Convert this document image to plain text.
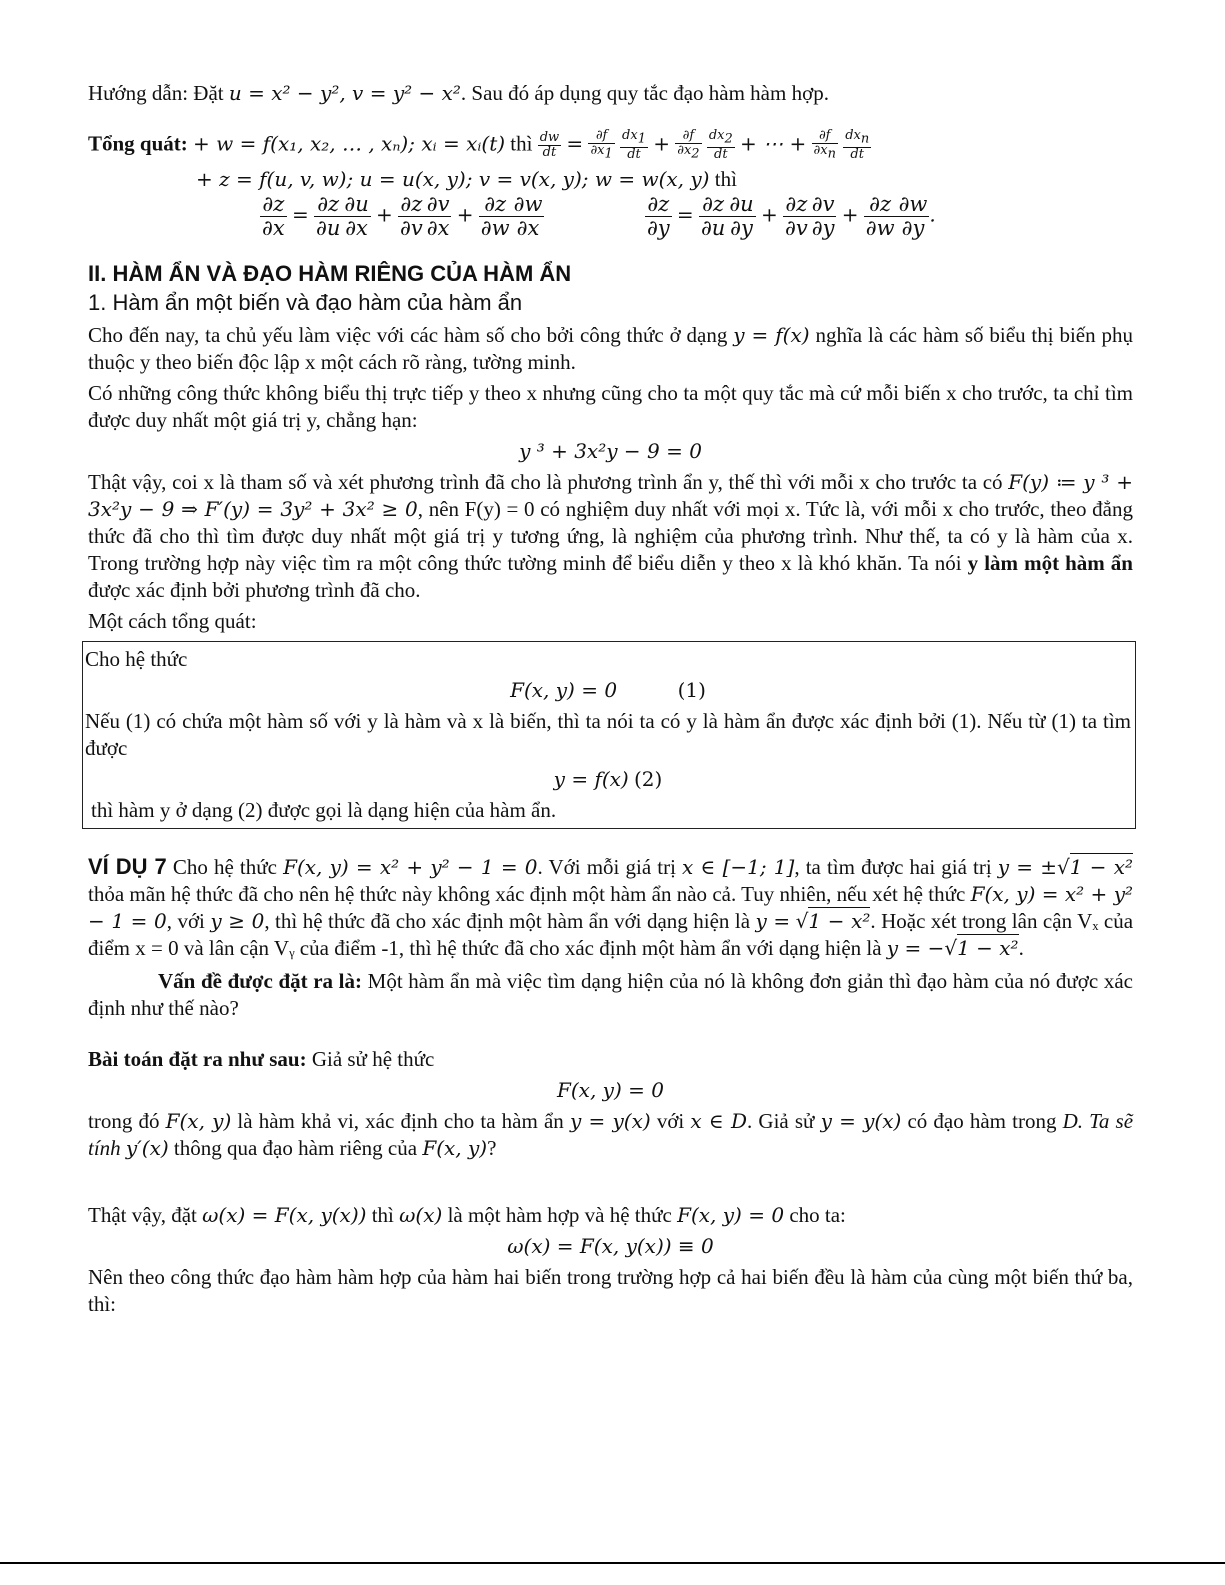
Hướng dẫn: Đặt u = x² − y², v = y² − x². Sau đó áp dụng quy tắc đạo hàm hàm hợp.

Tổng quát: + w = f(x₁, x₂, … , xₙ); xᵢ = xᵢ(t) thì $\frac{dw}{dt} = \frac{\partial f}{\partial x_1}$
$\frac{dx_1}{dt} + \frac{\partial f}{\partial x_2}$
$\frac{dx_2}{dt}$ + ⋯ + $\frac{\partial f}{\partial x_n}$
$\frac{dx_n}{dt}$

+ z = f(u, v, w); u = u(x, y); v = v(x, y); w = w(x, y) thì

$\frac{\partial z}{\partial x} = \frac{\partial z}{\partial u} \frac{\partial u}{\partial x} + \frac{\partial z}{\partial v} \frac{\partial v}{\partial x} + \frac{\partial z}{\partial w} \frac{\partial w}{\partial x}$
	$\frac{\partial z}{\partial y} = \frac{\partial z}{\partial u} \frac{\partial u}{\partial y} + \frac{\partial z}{\partial v} \frac{\partial v}{\partial y} + \frac{\partial z}{\partial w} \frac{\partial w}{\partial y}$ .

II. HÀM ẨN VÀ ĐẠO HÀM RIÊNG CỦA HÀM ẨN
1. Hàm ẩn một biến và đạo hàm của hàm ẩn

Cho đến nay, ta chủ yếu làm việc với các hàm số cho bởi công thức ở dạng y = f(x) nghĩa là các hàm số biểu thị biến phụ thuộc y theo biến độc lập x một cách rõ ràng, tường minh.

Có những công thức không biểu thị trực tiếp y theo x nhưng cũng cho ta một quy tắc mà cứ mỗi biến x cho trước, ta chỉ tìm được duy nhất một giá trị y, chẳng hạn:

y ³ + 3x²y − 9 = 0

Thật vậy, coi x là tham số và xét phương trình đã cho là phương trình ẩn y, thế thì với mỗi x cho trước ta có F(y) ≔ y ³ + 3x²y − 9 ⇒ F′(y) = 3y² + 3x² ≥ 0, nên F(y) = 0 có nghiệm duy nhất với mọi x. Tức là, với mỗi x cho trước, theo đẳng thức đã cho thì tìm được duy nhất một giá trị y tương ứng, là nghiệm của phương trình. Như thế, ta có y là hàm của x. Trong trường hợp này việc tìm ra một công thức tường minh để biểu diễn y theo x là khó khăn. Ta nói y làm một hàm ẩn được xác định bởi phương trình đã cho.

Một cách tổng quát:

Cho hệ thức

F(x, y) = 0	(1)

Nếu (1) có chứa một hàm số với y là hàm và x là biến, thì ta nói ta có y là hàm ẩn được xác định bởi (1). Nếu từ (1) ta tìm được

y = f(x) (2)

thì hàm y ở dạng (2) được gọi là dạng hiện của hàm ẩn.

VÍ DỤ 7 Cho hệ thức F(x, y) = x² + y² − 1 = 0. Với mỗi giá trị x ∈ [−1; 1], ta tìm được hai giá trị y = ±√1 − x² thỏa mãn hệ thức đã cho nên hệ thức này không xác định một hàm ẩn nào cả. Tuy nhiên, nếu xét hệ thức F(x, y) = x² + y² − 1 = 0, với y ≥ 0, thì hệ thức đã cho xác định một hàm ẩn với dạng hiện là y = √1 − x². Hoặc xét trong lân cận Vₓ của điểm x = 0 và lân cận Vᵧ của điểm -1, thì hệ thức đã cho xác định một hàm ẩn với dạng hiện là y = −√1 − x².

Vấn đề được đặt ra là: Một hàm ẩn mà việc tìm dạng hiện của nó là không đơn giản thì đạo hàm của nó được xác định như thế nào?

Bài toán đặt ra như sau: Giả sử hệ thức

F(x, y) = 0

trong đó F(x, y) là hàm khả vi, xác định cho ta hàm ẩn y = y(x) với x ∈ D. Giả sử y = y(x) có đạo hàm trong D. Ta sẽ tính y′(x) thông qua đạo hàm riêng của F(x, y)?

Thật vậy, đặt ω(x) = F(x, y(x)) thì ω(x) là một hàm hợp và hệ thức F(x, y) = 0 cho ta:

ω(x) = F(x, y(x)) ≡ 0

Nên theo công thức đạo hàm hàm hợp của hàm hai biến trong trường hợp cả hai biến đều là hàm của cùng một biến thứ ba, thì:
